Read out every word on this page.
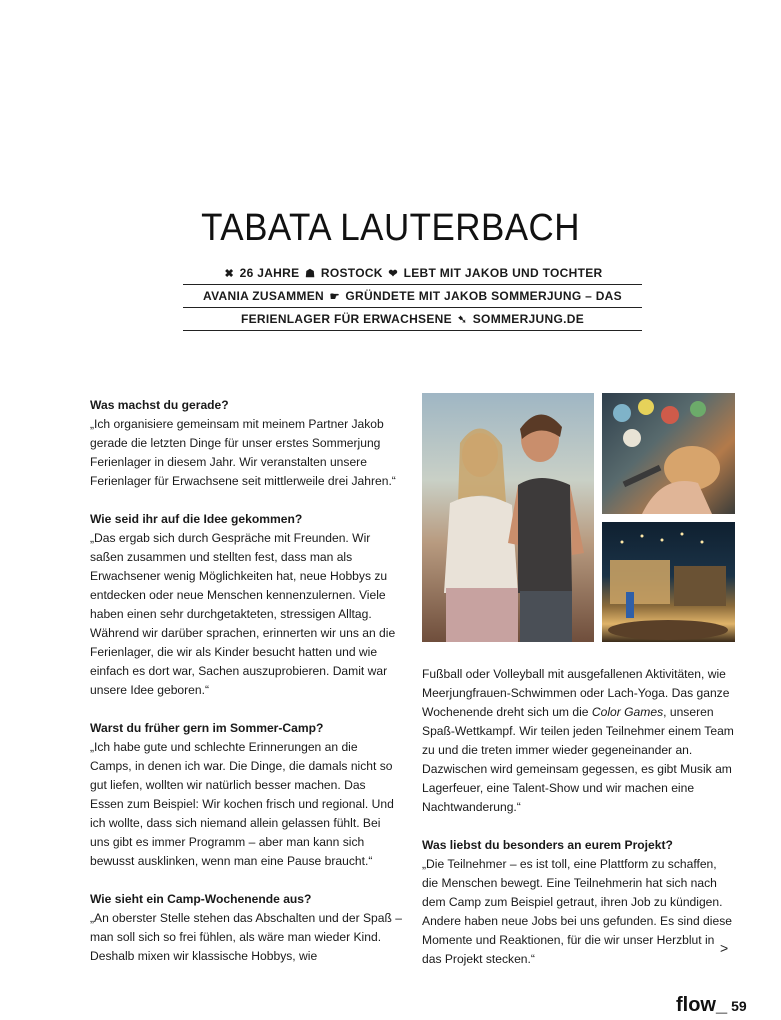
TABATA LAUTERBACH
✖ 26 JAHRE ☗ ROSTOCK ❤ LEBT MIT JAKOB UND TOCHTER
AVANIA ZUSAMMEN ☛ GRÜNDETE MIT JAKOB SOMMERJUNG – DAS
FERIENLAGER FÜR ERWACHSENE ➷ SOMMERJUNG.DE

Was machst du gerade?

„Ich organisiere gemeinsam mit meinem Partner Jakob gerade die letzten Dinge für unser erstes Sommerjung Ferienlager in diesem Jahr. Wir veranstalten unsere Ferienlager für Erwachsene seit mittlerweile drei Jahren.“

Wie seid ihr auf die Idee gekommen?

„Das ergab sich durch Gespräche mit Freunden. Wir saßen zusammen und stellten fest, dass man als Erwachsener wenig Möglichkeiten hat, neue Hobbys zu entdecken oder neue Menschen kennenzulernen. Viele haben einen sehr durchgetakteten, stressigen Alltag. Während wir darüber sprachen, erinnerten wir uns an die Ferienlager, die wir als Kinder besucht hatten und wie einfach es dort war, Sachen auszuprobieren. Damit war unsere Idee geboren.“

Warst du früher gern im Sommer-Camp?

„Ich habe gute und schlechte Erinnerungen an die Camps, in denen ich war. Die Dinge, die damals nicht so gut liefen, wollten wir natürlich besser machen. Das Essen zum Beispiel: Wir kochen frisch und regional. Und ich wollte, dass sich niemand allein gelassen fühlt. Bei uns gibt es immer Programm – aber man kann sich bewusst ausklinken, wenn man eine Pause braucht.“

Wie sieht ein Camp-Wochenende aus?

„An oberster Stelle stehen das Abschalten und der Spaß – man soll sich so frei fühlen, als wäre man wieder Kind. Deshalb mixen wir klassische Hobbys, wie

Fußball oder Volleyball mit ausgefallenen Aktivitäten, wie Meerjungfrauen-Schwimmen oder Lach-Yoga. Das ganze Wochenende dreht sich um die Color Games, unseren Spaß-Wettkampf. Wir teilen jeden Teilnehmer einem Team zu und die treten immer wieder gegeneinander an. Dazwischen wird gemeinsam gegessen, es gibt Musik am Lagerfeuer, eine Talent-Show und wir machen eine Nachtwanderung.“

Was liebst du besonders an eurem Projekt?

„Die Teilnehmer – es ist toll, eine Plattform zu schaffen, die Menschen bewegt. Eine Teilnehmerin hat sich nach dem Camp zum Beispiel getraut, ihren Job zu kündigen. Andere haben neue Jobs bei uns gefunden. Es sind diese Momente und Reaktionen, für die wir unser Herzblut in das Projekt stecken.“

>
flow_ 59
